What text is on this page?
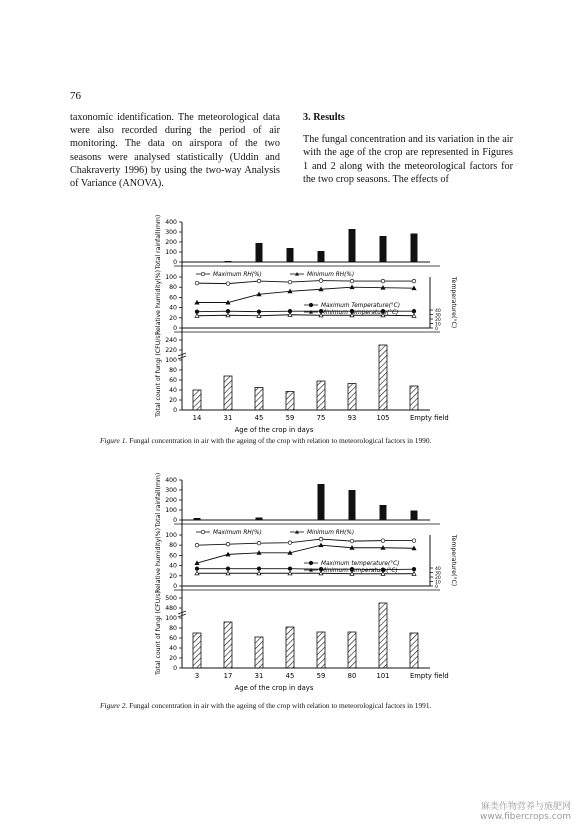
76

taxonomic identification. The meteorological data were also recorded during the period of air monitoring. The data on airspora of the two seasons were analysed statistically (Uddin and Chakraverty 1996) by using the two-way Analysis of Variance (ANOVA).

3. Results

The fungal concentration and its variation in the air with the age of the crop are represented in Figures 1 and 2 along with the meteorological factors for the two crop seasons. The effects of

0
100
200
300
400
Total rainfall(mm)
0
20
40
60
80
100
0
10
20
30
40
Maximum RH(%)	Minimum RH(%)
Maximum Temperature(°C)
Minimum Temperature(°C)
Relative humidity(%)	Temperature(°C)
0
20
40
60
80
100
220
240
Total count of fungi (CFU/s)
14	31	45	59	75	93	105	Empty field
Age of the crop in days
Figure 1. Fungal concentration in air with the ageing of the crop with relation to meteorological factors in 1990.
0
100
200
300
400
Total rainfall(mm)
0
20
40
60
80
100
0
10
20
30
40
Maximum RH(%)	Minimum RH(%)
Maximum temperature(°C)
Minimum temperature(°C)
Relative humidity(%)	Temperature(°C)
0
20
40
60
80
100
480
500
Total count of fungi (CFU/s)
3	17	31	45	59	80	101	Empty field
Age of the crop in days
Figure 2. Fungal concentration in air with the ageing of the crop with relation to meteorological factors in 1991.
麻类作物营养与施肥网
www.fibercrops.com
